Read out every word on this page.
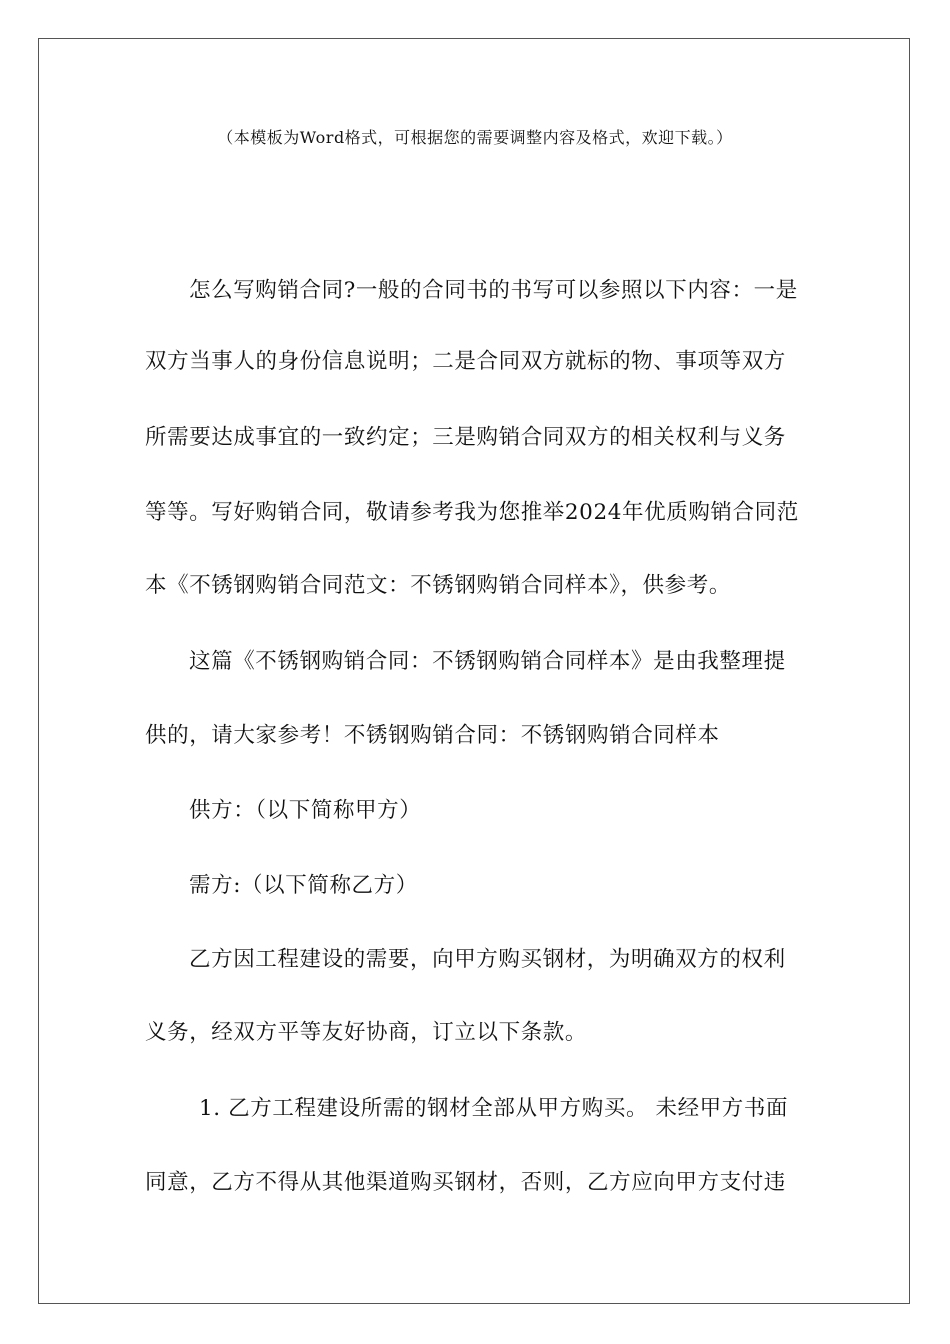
（本模板为Word格式，可根据您的需要调整内容及格式，欢迎下载。）
怎么写购销合同?一般的合同书的书写可以参照以下内容：一是
双方当事人的身份信息说明；二是合同双方就标的物、事项等双方
所需要达成事宜的一致约定；三是购销合同双方的相关权利与义务
等等。写好购销合同，敬请参考我为您推举2024年优质购销合同范
本《不锈钢购销合同范文：不锈钢购销合同样本》，供参考。
这篇《不锈钢购销合同：不锈钢购销合同样本》是由我整理提
供的，请大家参考！不锈钢购销合同：不锈钢购销合同样本
供方：（以下简称甲方）
需方:（以下简称乙方）
乙方因工程建设的需要，向甲方购买钢材，为明确双方的权利
义务，经双方平等友好协商，订立以下条款。
1. 乙方工程建设所需的钢材全部从甲方购买。 未经甲方书面
同意，乙方不得从其他渠道购买钢材，否则，乙方应向甲方支付违
